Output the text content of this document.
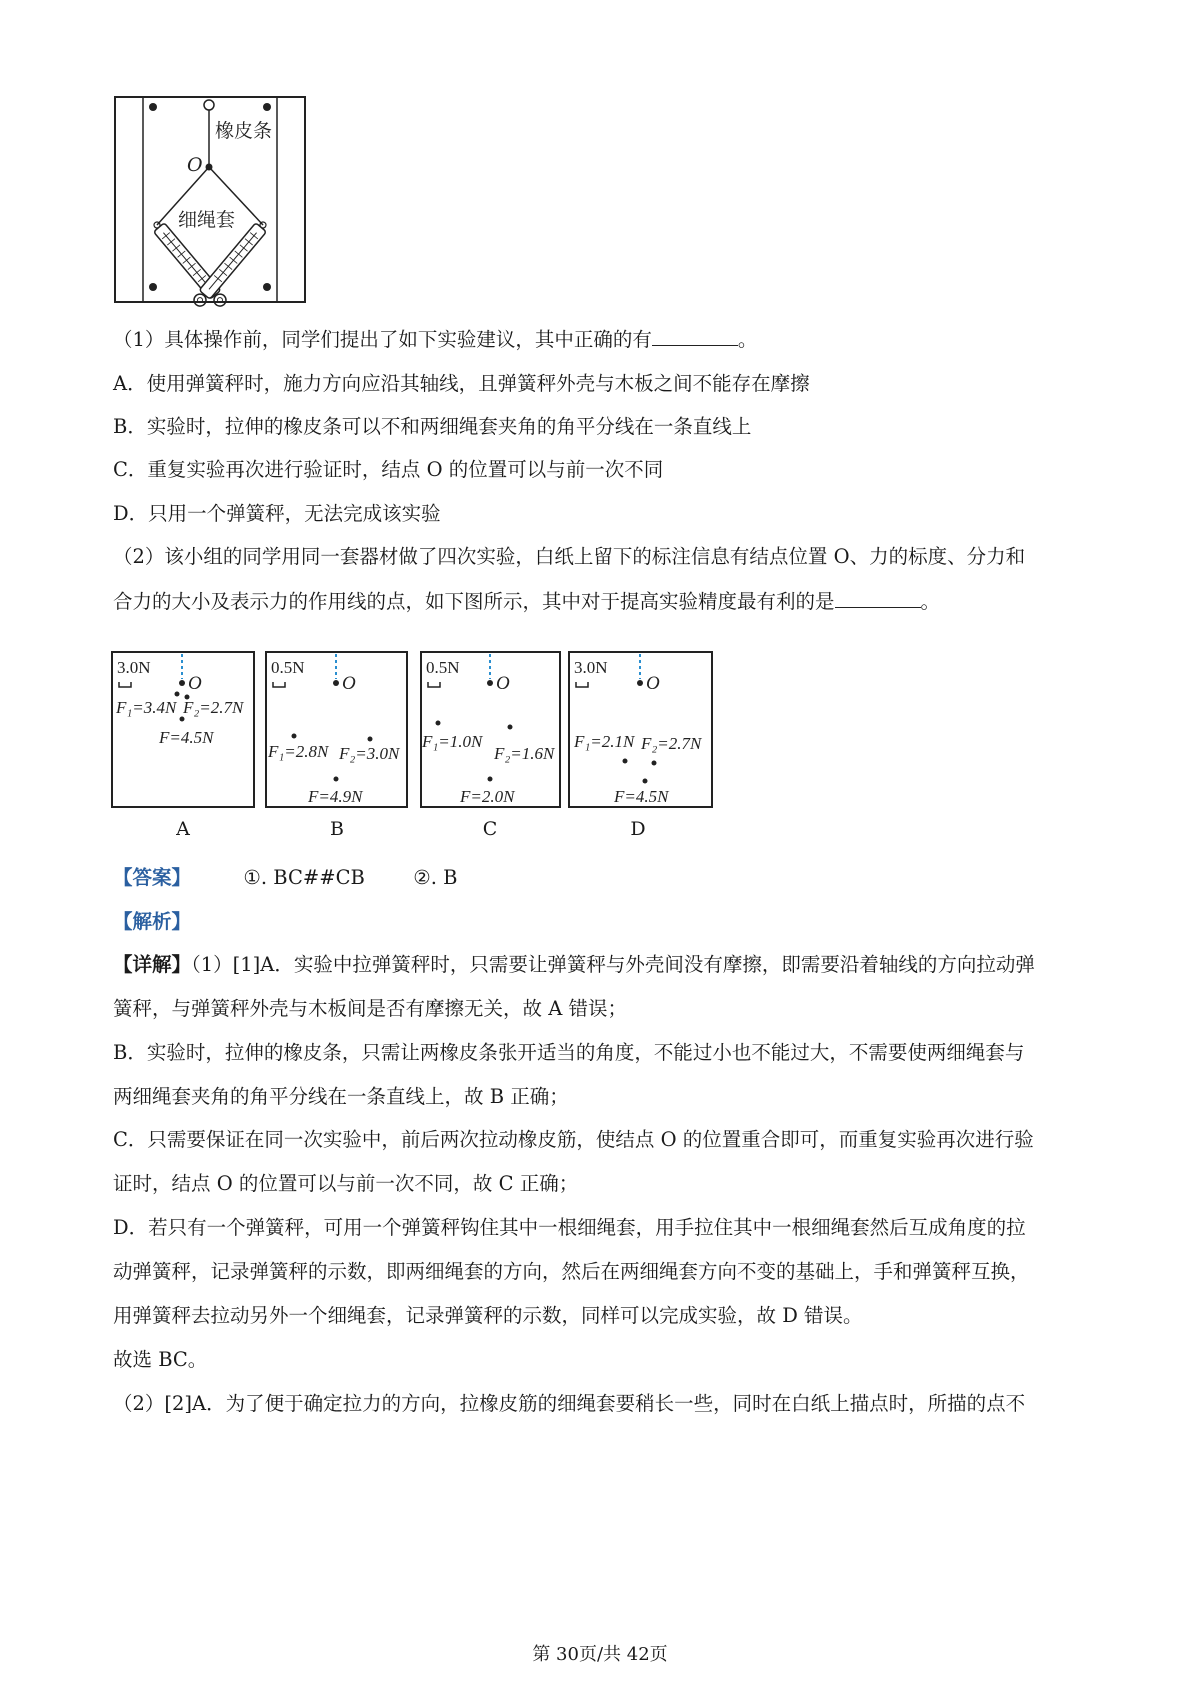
橡皮条
O
细绳套
（1）具体操作前，同学们提出了如下实验建议，其中正确的有	。
A．使用弹簧秤时，施力方向应沿其轴线，且弹簧秤外壳与木板之间不能存在摩擦
B．实验时，拉伸的橡皮条可以不和两细绳套夹角的角平分线在一条直线上
C．重复实验再次进行验证时，结点 O 的位置可以与前一次不同
D．只用一个弹簧秤，无法完成该实验
（2）该小组的同学用同一套器材做了四次实验，白纸上留下的标注信息有结点位置 O、力的标度、分力和
合力的大小及表示力的作用线的点，如下图所示，其中对于提高实验精度最有利的是	。
3.0N
O
F₁=3.4N F₂=2.7N
F=4.5N
A
0.5N
O
F₁=2.8N F₂=3.0N
F=4.9N
B
0.5N
O
F₁=1.0N
F₂=1.6N
F=2.0N
C
3.0N
O
F₁=2.1N F₂=2.7N
F=4.5N
D
【答案】	①. BC##CB ②. B
【解析】
【详解】（1）[1]A．实验中拉弹簧秤时，只需要让弹簧秤与外壳间没有摩擦，即需要沿着轴线的方向拉动弹
簧秤，与弹簧秤外壳与木板间是否有摩擦无关，故 A 错误；
B．实验时，拉伸的橡皮条，只需让两橡皮条张开适当的角度，不能过小也不能过大，不需要使两细绳套与
两细绳套夹角的角平分线在一条直线上，故 B 正确；
C．只需要保证在同一次实验中，前后两次拉动橡皮筋，使结点 O 的位置重合即可，而重复实验再次进行验
证时，结点 O 的位置可以与前一次不同，故 C 正确；
D．若只有一个弹簧秤，可用一个弹簧秤钩住其中一根细绳套，用手拉住其中一根细绳套然后互成角度的拉
动弹簧秤，记录弹簧秤的示数，即两细绳套的方向，然后在两细绳套方向不变的基础上，手和弹簧秤互换，
用弹簧秤去拉动另外一个细绳套，记录弹簧秤的示数，同样可以完成实验，故 D 错误。
故选 BC。
（2）[2]A．为了便于确定拉力的方向，拉橡皮筋的细绳套要稍长一些，同时在白纸上描点时，所描的点不
第 30页/共 42页
